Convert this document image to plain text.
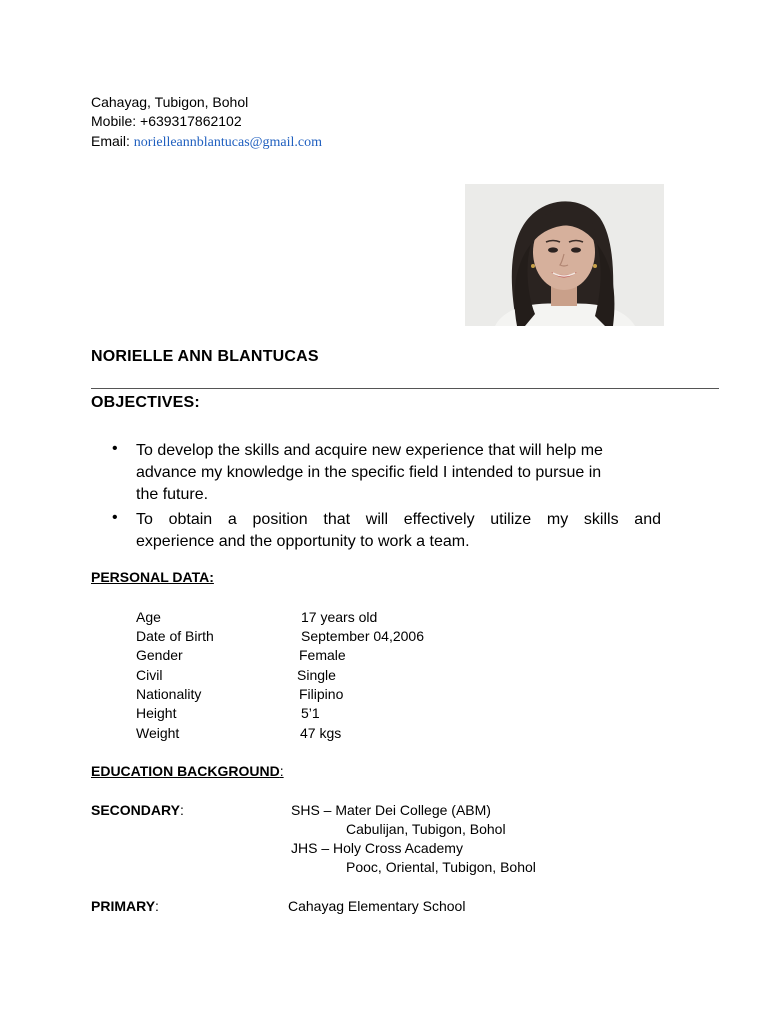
Cahayag, Tubigon, Bohol
Mobile: +639317862102
Email: norielleannblantucas@gmail.com
NORIELLE ANN BLANTUCAS
OBJECTIVES:
• To develop the skills and acquire new experience that will help me
advance my knowledge in the specific field I intended to pursue in
the future.
• To obtain a position that will effectively utilize my skills and
experience and the opportunity to work a team.
PERSONAL DATA:
Age	17 years old
Date of Birth	September 04,2006
Gender	Female
Civil	Single
Nationality	Filipino
Height	5’1
Weight	47 kgs
EDUCATION BACKGROUND:
SECONDARY:	SHS – Mater Dei College (ABM)
Cabulijan, Tubigon, Bohol
JHS – Holy Cross Academy
Pooc, Oriental, Tubigon, Bohol
PRIMARY:	Cahayag Elementary School
